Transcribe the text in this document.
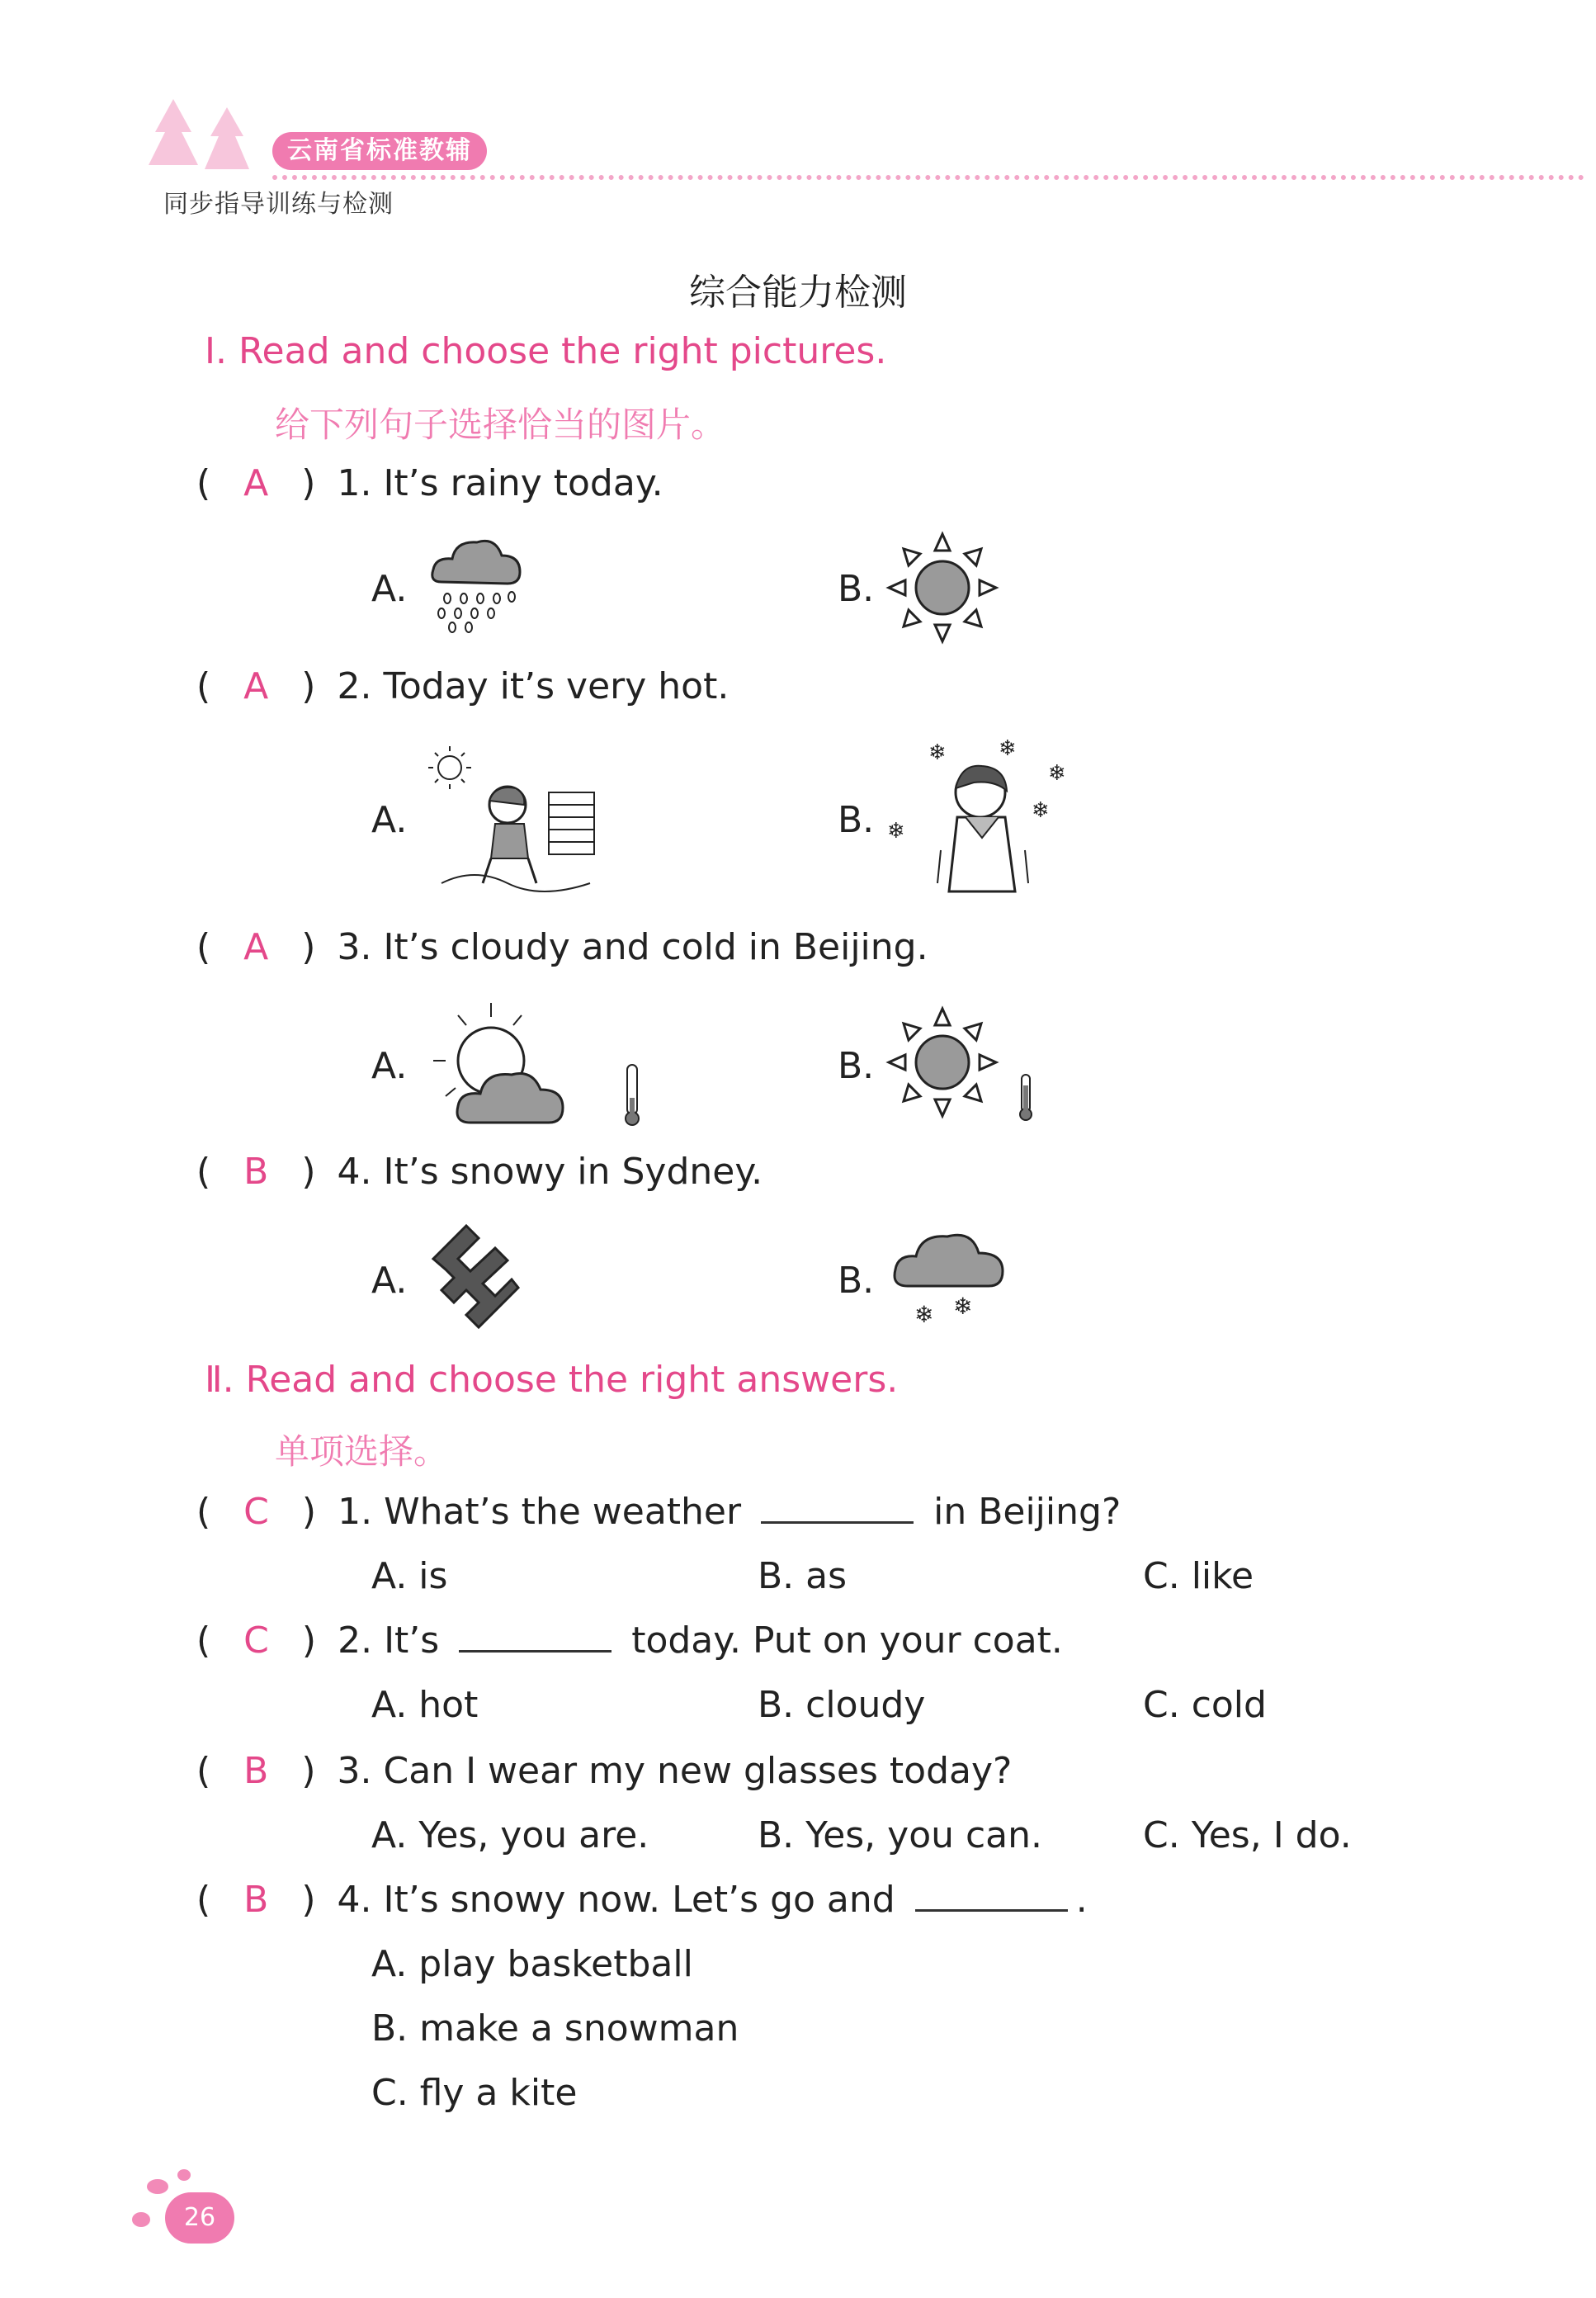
云南省标准教辅
同步指导训练与检测
综合能力检测
Ⅰ. Read and choose the right pictures.
给下列句子选择恰当的图片。
( A ) 1. It’s rainy today.
A.	B.
( A ) 2. Today it’s very hot.
A.	B.
❄ ❄
❄
❄
❄
( A ) 3. It’s cloudy and cold in Beijing.
A.	B.
( B ) 4. It’s snowy in Sydney.
A.	B.
❄ ❄
Ⅱ. Read and choose the right answers.
单项选择。
( C ) 1. What’s the weather	in Beijing?
A. is	B. as	C. like
( C ) 2. It’s	today. Put on your coat.
A. hot	B. cloudy	C. cold
( B ) 3. Can I wear my new glasses today?
A. Yes, you are.	B. Yes, you can.	C. Yes, I do.
( B ) 4. It’s snowy now. Let’s go and	.
A. play basketball
B. make a snowman
C. fly a kite
26
